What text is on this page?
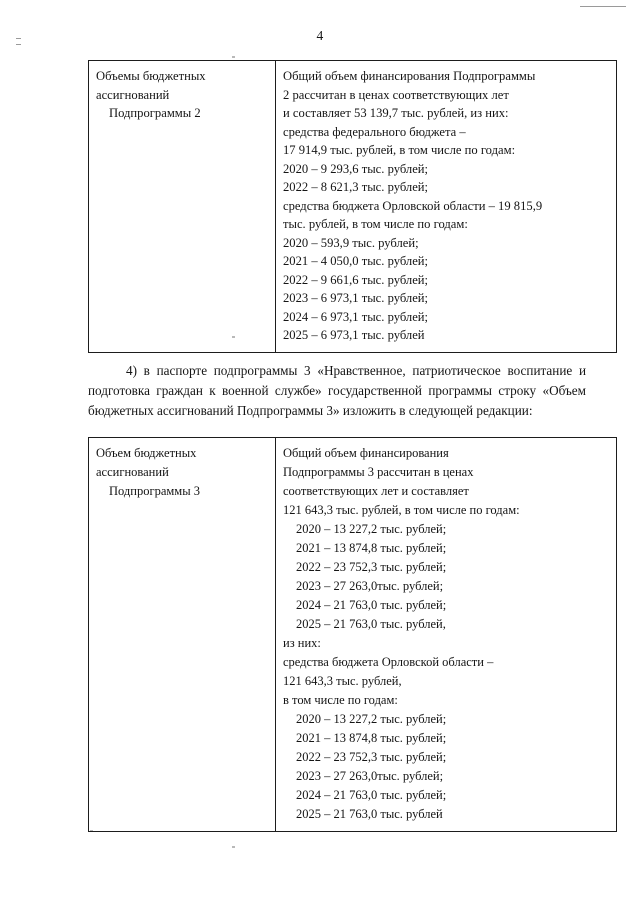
4
Объемы бюджетных
ассигнований
Подпрограммы 2

Общий объем финансирования Подпрограммы
2 рассчитан в ценах соответствующих лет
и составляет 53 139,7 тыс. рублей, из них:
средства федерального бюджета –
17 914,9 тыс. рублей, в том числе по годам:
2020 – 9 293,6 тыс. рублей;
2022 – 8 621,3 тыс. рублей;
средства бюджета Орловской области – 19 815,9
тыс. рублей, в том числе по годам:
2020 – 593,9 тыс. рублей;
2021 – 4 050,0 тыс. рублей;
2022 – 9 661,6 тыс. рублей;
2023 – 6 973,1 тыс. рублей;
2024 – 6 973,1 тыс. рублей;
2025 – 6 973,1 тыс. рублей

4) в паспорте подпрограммы 3 «Нравственное, патриотическое воспитание и подготовка граждан к военной службе» государственной программы строку «Объем бюджетных ассигнований Подпрограммы 3» изложить в следующей редакции:

Объем бюджетных
ассигнований
Подпрограммы 3

Общий объем финансирования
Подпрограммы 3 рассчитан в ценах
соответствующих лет и составляет
121 643,3 тыс. рублей, в том числе по годам:
2020 – 13 227,2 тыс. рублей;
2021 – 13 874,8 тыс. рублей;
2022 – 23 752,3 тыс. рублей;
2023 – 27 263,0тыс. рублей;
2024 – 21 763,0 тыс. рублей;
2025 – 21 763,0 тыс. рублей,
из них:
средства бюджета Орловской области –
121 643,3 тыс. рублей,
в том числе по годам:
2020 – 13 227,2 тыс. рублей;
2021 – 13 874,8 тыс. рублей;
2022 – 23 752,3 тыс. рублей;
2023 – 27 263,0тыс. рублей;
2024 – 21 763,0 тыс. рублей;
2025 – 21 763,0 тыс. рублей
